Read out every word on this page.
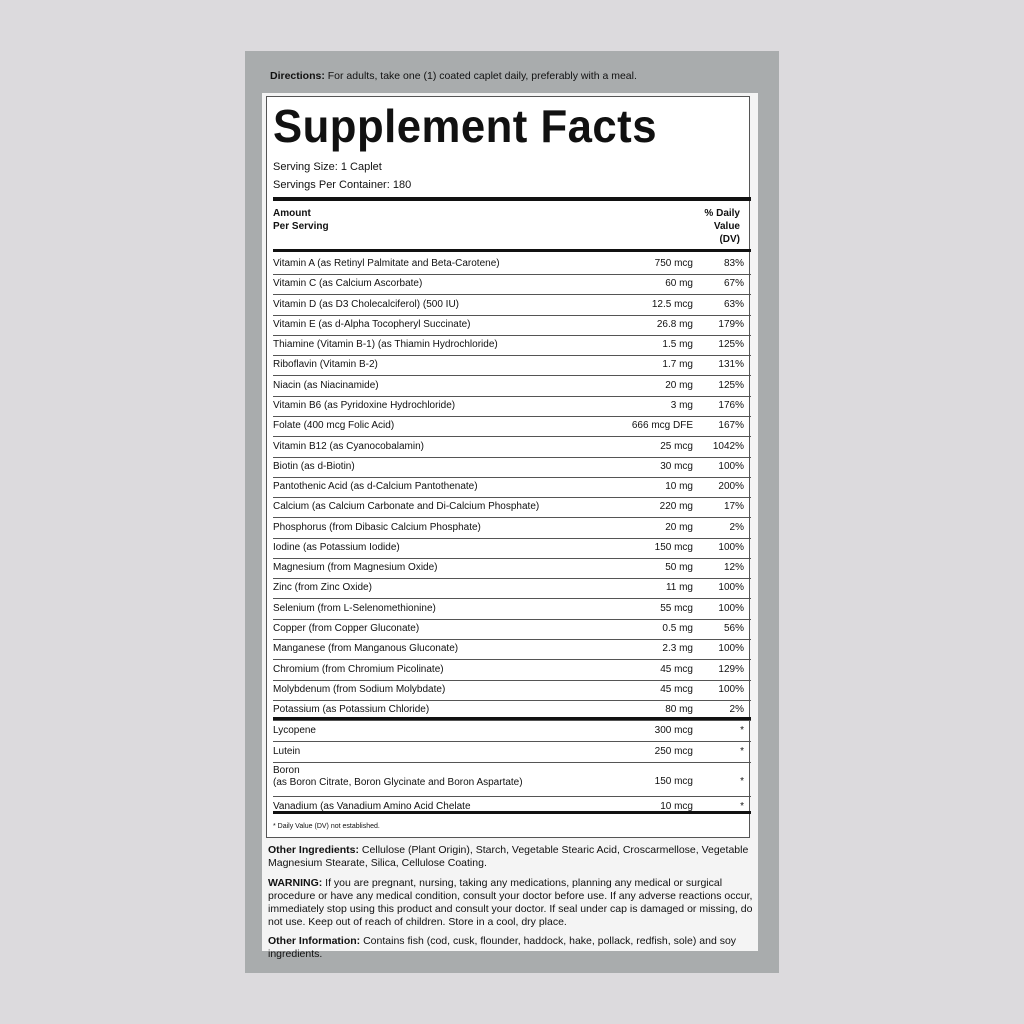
Directions: For adults, take one (1) coated caplet daily, preferably with a meal.
Supplement Facts
Serving Size: 1 Caplet
Servings Per Container: 180
Amount
Per Serving
% Daily
Value
(DV)
* Daily Value (DV) not established.
Vitamin A (as Retinyl Palmitate and Beta-Carotene)	750 mcg	83%
Vitamin C (as Calcium Ascorbate)	60 mg	67%
Vitamin D (as D3 Cholecalciferol) (500 IU)	12.5 mcg	63%
Vitamin E (as d-Alpha Tocopheryl Succinate)	26.8 mg	179%
Thiamine (Vitamin B-1) (as Thiamin Hydrochloride)	1.5 mg	125%
Riboflavin (Vitamin B-2)	1.7 mg	131%
Niacin (as Niacinamide)	20 mg	125%
Vitamin B6 (as Pyridoxine Hydrochloride)	3 mg	176%
Folate (400 mcg Folic Acid)	666 mcg DFE	167%
Vitamin B12 (as Cyanocobalamin)	25 mcg 1042%
Biotin (as d-Biotin)	30 mcg	100%
Pantothenic Acid (as d-Calcium Pantothenate)	10 mg	200%
Calcium (as Calcium Carbonate and Di-Calcium Phosphate)	220 mg	17%
Phosphorus (from Dibasic Calcium Phosphate)	20 mg	2%
Iodine (as Potassium Iodide)	150 mcg	100%
Magnesium (from Magnesium Oxide)	50 mg	12%
Zinc (from Zinc Oxide)	11 mg	100%
Selenium (from L-Selenomethionine)	55 mcg	100%
Copper (from Copper Gluconate)	0.5 mg	56%
Manganese (from Manganous Gluconate)	2.3 mg	100%
Chromium (from Chromium Picolinate)	45 mcg	129%
Molybdenum (from Sodium Molybdate)	45 mcg	100%
Potassium (as Potassium Chloride)	80 mg	2%
Lycopene	300 mcg	*
Lutein	250 mcg	*
Boron
(as Boron Citrate, Boron Glycinate and Boron Aspartate)	150 mcg	*
Vanadium (as Vanadium Amino Acid Chelate	10 mcg	*
Other Ingredients: Cellulose (Plant Origin), Starch, Vegetable Stearic Acid, Croscarmellose, Vegetable Magnesium Stearate, Silica, Cellulose Coating.
WARNING: If you are pregnant, nursing, taking any medications, planning any medical or surgical procedure or have any medical condition, consult your doctor before use. If any adverse reactions occur, immediately stop using this product and consult your doctor. If seal under cap is damaged or missing, do not use. Keep out of reach of children. Store in a cool, dry place.
Other Information: Contains fish (cod, cusk, flounder, haddock, hake, pollack, redfish, sole) and soy ingredients.
